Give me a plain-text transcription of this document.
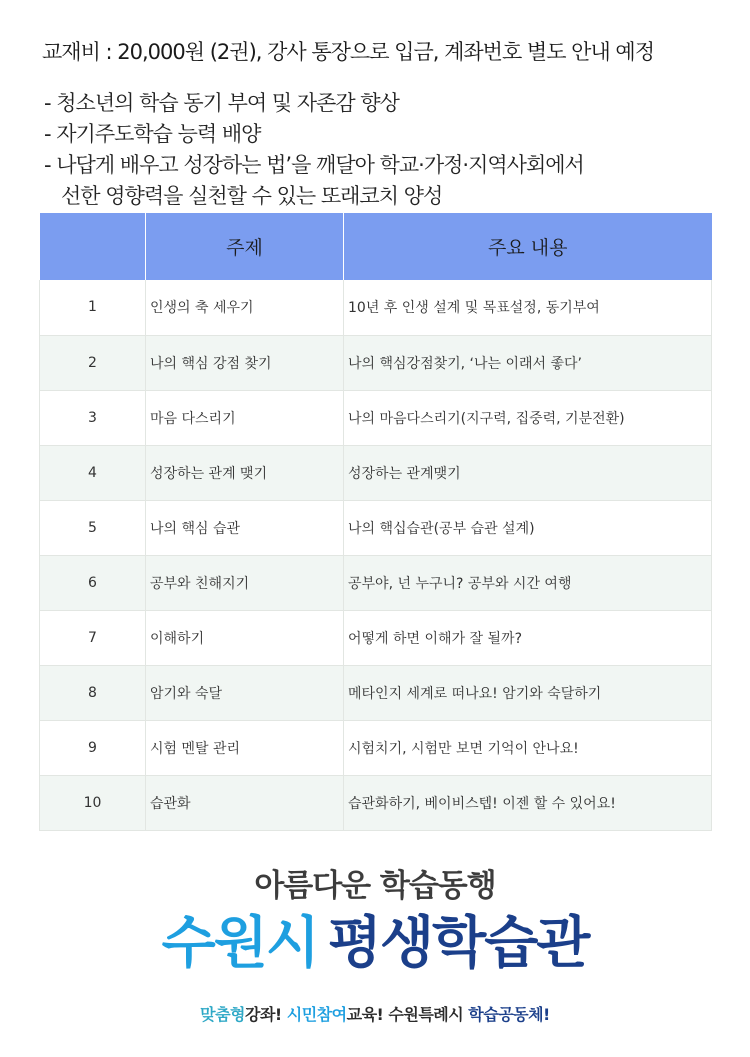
교재비 : 20,000원 (2권), 강사 통장으로 입금, 계좌번호 별도 안내 예정
- 청소년의 학습 동기 부여 및 자존감 향상
- 자기주도학습 능력 배양
- 나답게 배우고 성장하는 법’을 깨달아 학교·가정·지역사회에서
선한 영향력을 실천할 수 있는 또래코치 양성
	주제	주요 내용
1	인생의 축 세우기	10년 후 인생 설계 및 목표설정, 동기부여
2	나의 핵심 강점 찾기	나의 핵심강점찾기, ‘나는 이래서 좋다’
3	마음 다스리기	나의 마음다스리기(지구력, 집중력, 기분전환)
4	성장하는 관계 맺기	성장하는 관계맺기
5	나의 핵심 습관	나의 핵십습관(공부 습관 설계)
6	공부와 친해지기	공부야, 넌 누구니? 공부와 시간 여행
7	이해하기	어떻게 하면 이해가 잘 될까?
8	암기와 숙달	메타인지 세계로 떠나요! 암기와 숙달하기
9	시험 멘탈 관리	시험치기, 시험만 보면 기억이 안나요!
10	습관화	습관화하기, 베이비스텝! 이젠 할 수 있어요!
아름다운 학습동행
수원시 평생학습관
맞춤형강좌! 시민참여교육! 수원특례시 학습공동체!
